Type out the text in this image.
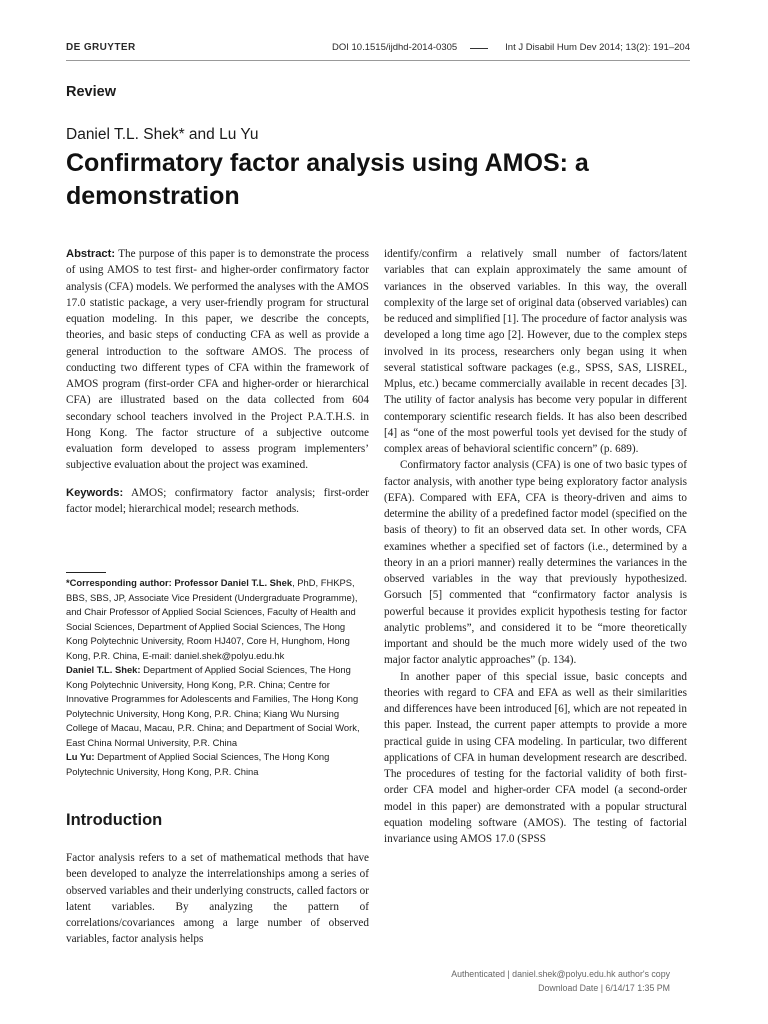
DE GRUYTER	DOI 10.1515/ijdhd-2014-0305	Int J Disabil Hum Dev 2014; 13(2): 191–204
Review
Daniel T.L. Shek* and Lu Yu
Confirmatory factor analysis using AMOS: a demonstration

Abstract: The purpose of this paper is to demonstrate the process of using AMOS to test first- and higher-order confirmatory factor analysis (CFA) models. We performed the analyses with the AMOS 17.0 statistic package, a very user-friendly program for structural equation modeling. In this paper, we describe the concepts, theories, and basic steps of conducting CFA as well as provide a general introduction to the software AMOS. The process of conducting two different types of CFA within the framework of AMOS program (first-order CFA and higher-order or hierarchical CFA) are illustrated based on the data collected from 604 secondary school teachers involved in the Project P.A.T.H.S. in Hong Kong. The factor structure of a subjective outcome evaluation form developed to assess program implementers’ subjective evaluation about the project was examined.

Keywords: AMOS; confirmatory factor analysis; first-order factor model; hierarchical model; research methods.

*Corresponding author: Professor Daniel T.L. Shek, PhD, FHKPS, BBS, SBS, JP, Associate Vice President (Undergraduate Programme), and Chair Professor of Applied Social Sciences, Faculty of Health and Social Sciences, Department of Applied Social Sciences, The Hong Kong Polytechnic University, Room HJ407, Core H, Hunghom, Hong Kong, P.R. China, E-mail: daniel.shek@polyu.edu.hk

Daniel T.L. Shek: Department of Applied Social Sciences, The Hong Kong Polytechnic University, Hong Kong, P.R. China; Centre for Innovative Programmes for Adolescents and Families, The Hong Kong Polytechnic University, Hong Kong, P.R. China; Kiang Wu Nursing College of Macau, Macau, P.R. China; and Department of Social Work, East China Normal University, P.R. China

Lu Yu: Department of Applied Social Sciences, The Hong Kong Polytechnic University, Hong Kong, P.R. China

Introduction

Factor analysis refers to a set of mathematical methods that have been developed to analyze the interrelationships among a series of observed variables and their underlying constructs, called factors or latent variables. By analyzing the pattern of correlations/covariances among a large number of observed variables, factor analysis helps

identify/confirm a relatively small number of factors/latent variables that can explain approximately the same amount of variances in the observed variables. In this way, the overall complexity of the large set of original data (observed variables) can be reduced and simplified [1]. The procedure of factor analysis was developed a long time ago [2]. However, due to the complex steps involved in its process, researchers only began using it when several statistical software packages (e.g., SPSS, SAS, LISREL, Mplus, etc.) became commercially available in recent decades [3]. The utility of factor analysis has become very popular in different contemporary scientific research fields. It has also been described [4] as “one of the most powerful tools yet devised for the study of complex areas of behavioral scientific concern” (p. 689).

Confirmatory factor analysis (CFA) is one of two basic types of factor analysis, with another type being exploratory factor analysis (EFA). Compared with EFA, CFA is theory-driven and aims to determine the ability of a predefined factor model (specified on the basis of theory) to fit an observed data set. In other words, CFA examines whether a specified set of factors (i.e., determined by a theory in an a priori manner) really determines the variances in the observed variables in the way that previously hypothesized. Gorsuch [5] commented that “confirmatory factor analysis is powerful because it provides explicit hypothesis testing for factor analytic problems”, and considered it to be “more theoretically important and should be the much more widely used of the two major factor analytic approaches” (p. 134).

In another paper of this special issue, basic concepts and theories with regard to CFA and EFA as well as their similarities and differences have been introduced [6], which are not repeated in this paper. Instead, the current paper attempts to provide a more practical guide in using CFA modeling. In particular, two different applications of CFA in human development research are described. The procedures of testing for the factorial validity of both first-order CFA model and higher-order CFA model (a second-order model in this paper) are demonstrated with a popular structural equation modeling software (AMOS). The testing of factorial invariance using AMOS 17.0 (SPSS

Authenticated | daniel.shek@polyu.edu.hk author's copy
Download Date | 6/14/17 1:35 PM
